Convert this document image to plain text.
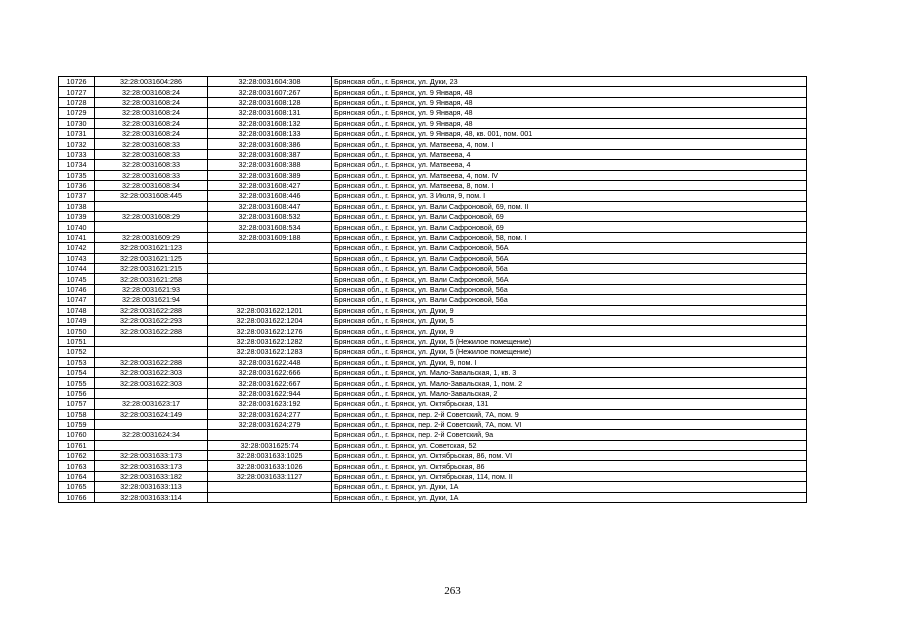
10726	32:28:0031604:286	32:28:0031604:308	Брянская обл., г. Брянск, ул. Дуки, 23
10727	32:28:0031608:24	32:28:0031607:267	Брянская обл., г. Брянск, ул. 9 Января, 48
10728	32:28:0031608:24	32:28:0031608:128	Брянская обл., г. Брянск, ул. 9 Января, 48
10729	32:28:0031608:24	32:28:0031608:131	Брянская обл., г. Брянск, ул. 9 Января, 48
10730	32:28:0031608:24	32:28:0031608:132	Брянская обл., г. Брянск, ул. 9 Января, 48
10731	32:28:0031608:24	32:28:0031608:133	Брянская обл., г. Брянск, ул. 9 Января, 48, кв. 001, пом. 001
10732	32:28:0031608:33	32:28:0031608:386	Брянская обл., г. Брянск, ул. Матвеева, 4, пом. I
10733	32:28:0031608:33	32:28:0031608:387	Брянская обл., г. Брянск, ул. Матвеева, 4
10734	32:28:0031608:33	32:28:0031608:388	Брянская обл., г. Брянск, ул. Матвеева, 4
10735	32:28:0031608:33	32:28:0031608:389	Брянская обл., г. Брянск, ул. Матвеева, 4, пом. IV
10736	32:28:0031608:34	32:28:0031608:427	Брянская обл., г. Брянск, ул. Матвеева, 8, пом. I
10737	32:28:0031608:445	32:28:0031608:446	Брянская обл., г. Брянск, ул. 3 Июля, 9, пом. I
10738		32:28:0031608:447	Брянская обл., г. Брянск, ул. Вали Сафроновой, 69, пом. II
10739	32:28:0031608:29	32:28:0031608:532	Брянская обл., г. Брянск, ул. Вали Сафроновой, 69
10740		32:28:0031608:534	Брянская обл., г. Брянск, ул. Вали Сафроновой, 69
10741	32:28:0031609:29	32:28:0031609:188	Брянская обл., г. Брянск, ул. Вали Сафроновой, 58, пом. I
10742	32:28:0031621:123		Брянская обл., г. Брянск, ул. Вали Сафроновой, 56А
10743	32:28:0031621:125		Брянская обл., г. Брянск, ул. Вали Сафроновой, 56А
10744	32:28:0031621:215		Брянская обл., г. Брянск, ул. Вали Сафроновой, 56а
10745	32:28:0031621:258		Брянская обл., г. Брянск, ул. Вали Сафроновой, 56А
10746	32:28:0031621:93		Брянская обл., г. Брянск, ул. Вали Сафроновой, 56а
10747	32:28:0031621:94		Брянская обл., г. Брянск, ул. Вали Сафроновой, 56а
10748	32:28:0031622:288	32:28:0031622:1201	Брянская обл., г. Брянск, ул. Дуки, 9
10749	32:28:0031622:293	32:28:0031622:1204	Брянская обл., г. Брянск, ул. Дуки, 5
10750	32:28:0031622:288	32:28:0031622:1276	Брянская обл., г. Брянск, ул. Дуки, 9
10751		32:28:0031622:1282	Брянская обл., г. Брянск, ул. Дуки, 5 (Нежилое помещение)
10752		32:28:0031622:1283	Брянская обл., г. Брянск, ул. Дуки, 5 (Нежилое помещение)
10753	32:28:0031622:288	32:28:0031622:448	Брянская обл., г. Брянск, ул. Дуки, 9, пом. I
10754	32:28:0031622:303	32:28:0031622:666	Брянская обл., г. Брянск, ул. Мало-Завальская, 1, кв. 3
10755	32:28:0031622:303	32:28:0031622:667	Брянская обл., г. Брянск, ул. Мало-Завальская, 1, пом. 2
10756		32:28:0031622:944	Брянская обл., г. Брянск, ул. Мало-Завальская, 2
10757	32:28:0031623:17	32:28:0031623:192	Брянская обл., г. Брянск, ул. Октябрьская, 131
10758	32:28:0031624:149	32:28:0031624:277	Брянская обл., г. Брянск, пер. 2-й Советский, 7А, пом. 9
10759		32:28:0031624:279	Брянская обл., г. Брянск, пер. 2-й Советский, 7А, пом. VI
10760	32:28:0031624:34		Брянская обл., г. Брянск, пер. 2-й Советский, 9а
10761		32:28:0031625:74	Брянская обл., г. Брянск, ул. Советская, 52
10762	32:28:0031633:173	32:28:0031633:1025	Брянская обл., г. Брянск, ул. Октябрьская, 86, пом. VI
10763	32:28:0031633:173	32:28:0031633:1026	Брянская обл., г. Брянск, ул. Октябрьская, 86
10764	32:28:0031633:182	32:28:0031633:1127	Брянская обл., г. Брянск, ул. Октябрьская, 114, пом. II
10765	32:28:0031633:113		Брянская обл., г. Брянск, ул. Дуки, 1А
10766	32:28:0031633:114		Брянская обл., г. Брянск, ул. Дуки, 1А
263
